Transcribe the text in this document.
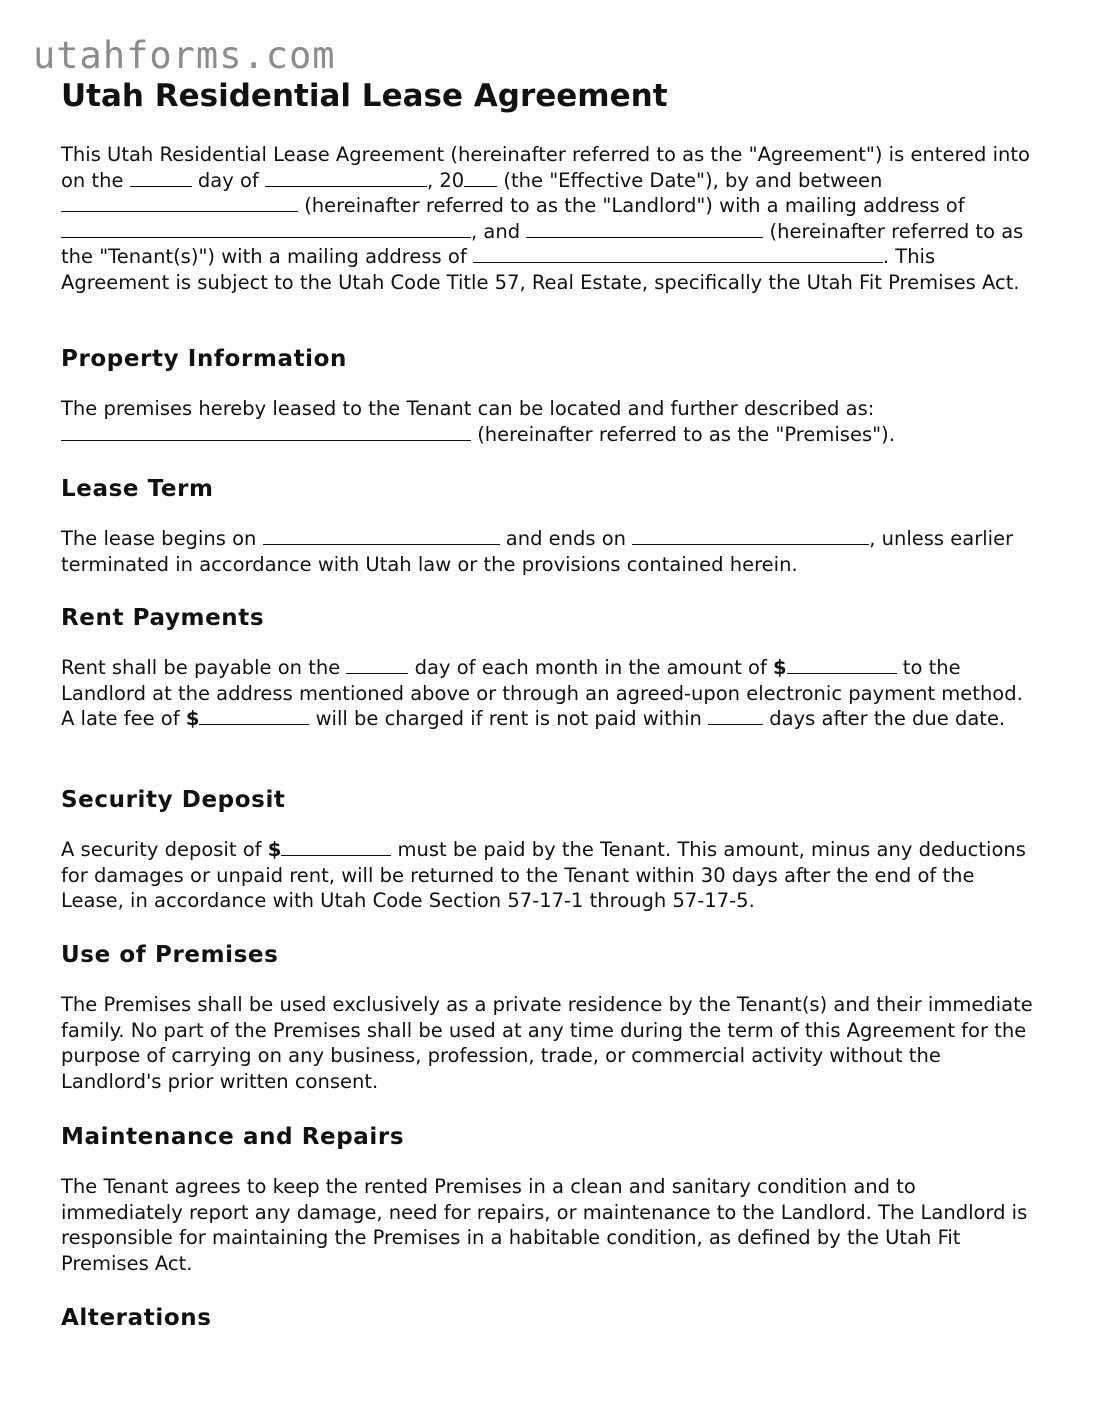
utahforms.com
Utah Residential Lease Agreement

This Utah Residential Lease Agreement (hereinafter referred to as the "Agreement") is entered into on the	day of	, 20 (the "Effective Date"), by and between  (hereinafter referred to as the "Landlord") with a mailing address of , and	(hereinafter referred to as the "Tenant(s)") with a mailing address of	. This Agreement is subject to the Utah Code Title 57, Real Estate, specifically the Utah Fit Premises Act.

Property Information

The premises hereby leased to the Tenant can be located and further described as:  (hereinafter referred to as the "Premises").

Lease Term

The lease begins on	and ends on	, unless earlier terminated in accordance with Utah law or the provisions contained herein.

Rent Payments

Rent shall be payable on the	day of each month in the amount of $	to the Landlord at the address mentioned above or through an agreed-upon electronic payment method. A late fee of $	will be charged if rent is not paid within	days after the due date.

Security Deposit

A security deposit of $	must be paid by the Tenant. This amount, minus any deductions for damages or unpaid rent, will be returned to the Tenant within 30 days after the end of the Lease, in accordance with Utah Code Section 57-17-1 through 57-17-5.

Use of Premises

The Premises shall be used exclusively as a private residence by the Tenant(s) and their immediate family. No part of the Premises shall be used at any time during the term of this Agreement for the purpose of carrying on any business, profession, trade, or commercial activity without the Landlord's prior written consent.

Maintenance and Repairs

The Tenant agrees to keep the rented Premises in a clean and sanitary condition and to immediately report any damage, need for repairs, or maintenance to the Landlord. The Landlord is responsible for maintaining the Premises in a habitable condition, as defined by the Utah Fit Premises Act.

Alterations
